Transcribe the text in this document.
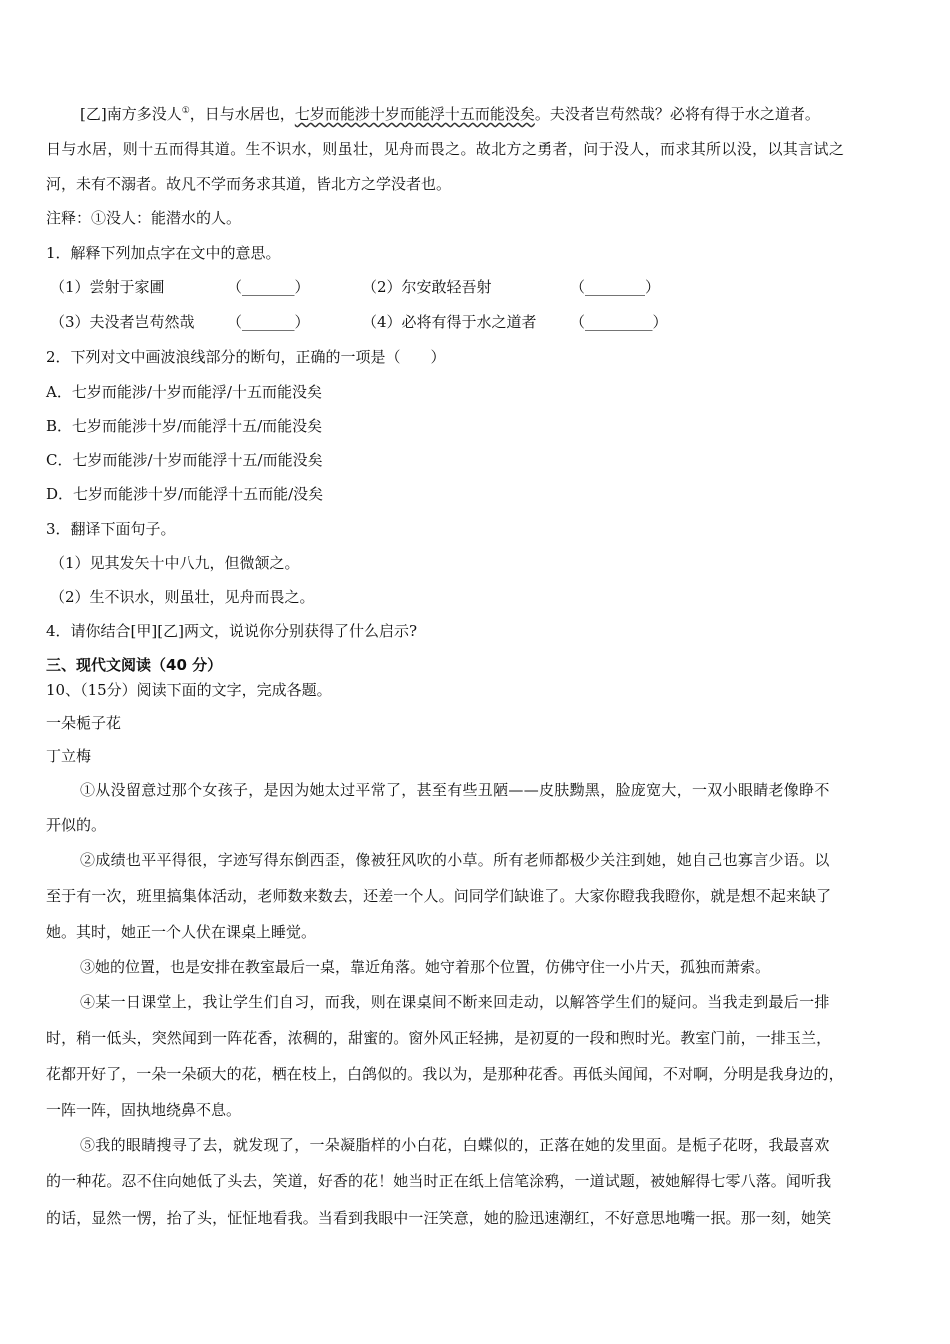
[乙]南方多没人①，日与水居也，七岁而能涉十岁而能浮十五而能没矣。夫没者岂苟然哉？必将有得于水之道者。
日与水居，则十五而得其道。生不识水，则虽壮，见舟而畏之。故北方之勇者，问于没人，而求其所以没，以其言试之
河，未有不溺者。故凡不学而务求其道，皆北方之学没者也。
注释：①没人：能潜水的人。
1．解释下列加点字在文中的意思。
（1）尝射于家圃	（_______）	（2）尔安敢轻吾射	（________）
（3）夫没者岂苟然哉 （_______）	（4）必将有得于水之道者 （_________）
2．下列对文中画波浪线部分的断句，正确的一项是（　　）
A．七岁而能涉/十岁而能浮/十五而能没矣
B．七岁而能涉十岁/而能浮十五/而能没矣
C．七岁而能涉/十岁而能浮十五/而能没矣
D．七岁而能涉十岁/而能浮十五而能/没矣
3．翻译下面句子。
（1）见其发矢十中八九，但微颔之。
（2）生不识水，则虽壮，见舟而畏之。
4．请你结合[甲][乙]两文，说说你分别获得了什么启示?
三、现代文阅读（40 分）
10、（15分）阅读下面的文字，完成各题。
一朵栀子花
丁立梅
①从没留意过那个女孩子，是因为她太过平常了，甚至有些丑陋——皮肤黝黑，脸庞宽大，一双小眼睛老像睁不
开似的。
②成绩也平平得很，字迹写得东倒西歪，像被狂风吹的小草。所有老师都极少关注到她，她自己也寡言少语。以
至于有一次，班里搞集体活动，老师数来数去，还差一个人。问同学们缺谁了。大家你瞪我我瞪你，就是想不起来缺了
她。其时，她正一个人伏在课桌上睡觉。
③她的位置，也是安排在教室最后一桌，靠近角落。她守着那个位置，仿佛守住一小片天，孤独而萧索。
④某一日课堂上，我让学生们自习，而我，则在课桌间不断来回走动，以解答学生们的疑问。当我走到最后一排
时，稍一低头，突然闻到一阵花香，浓稠的，甜蜜的。窗外风正轻拂，是初夏的一段和煦时光。教室门前，一排玉兰，
花都开好了，一朵一朵硕大的花，栖在枝上，白鸽似的。我以为，是那种花香。再低头闻闻，不对啊，分明是我身边的，
一阵一阵，固执地绕鼻不息。
⑤我的眼睛搜寻了去，就发现了，一朵凝脂样的小白花，白蝶似的，正落在她的发里面。是栀子花呀，我最喜欢
的一种花。忍不住向她低了头去，笑道，好香的花！她当时正在纸上信笔涂鸦，一道试题，被她解得七零八落。闻听我
的话，显然一愣，抬了头，怔怔地看我。当看到我眼中一汪笑意，她的脸迅速潮红，不好意思地嘴一抿。那一刻，她笑
